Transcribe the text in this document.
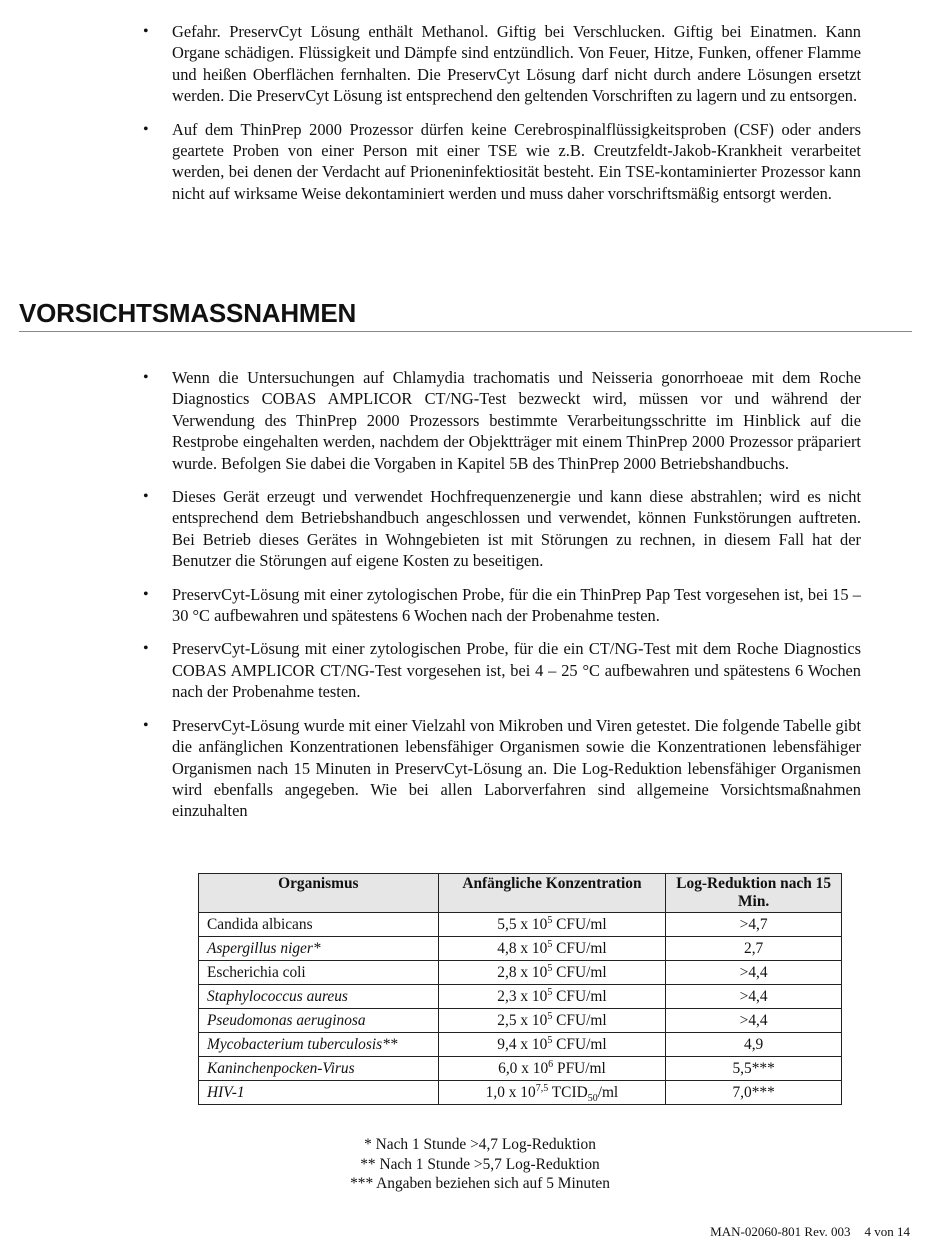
• Gefahr. PreservCyt Lösung enthält Methanol. Giftig bei Verschlucken. Giftig bei Einatmen. Kann Organe schädigen. Flüssigkeit und Dämpfe sind entzündlich. Von Feuer, Hitze, Funken, offener Flamme und heißen Oberflächen fernhalten. Die PreservCyt Lösung darf nicht durch andere Lösungen ersetzt werden. Die PreservCyt Lösung ist entsprechend den geltenden Vorschriften zu lagern und zu entsorgen.
• Auf dem ThinPrep 2000 Prozessor dürfen keine Cerebrospinalflüssigkeitsproben (CSF) oder anders geartete Proben von einer Person mit einer TSE wie z.B. Creutzfeldt-Jakob-Krankheit verarbeitet werden, bei denen der Verdacht auf Prioneninfektiosität besteht. Ein TSE-kontaminierter Prozessor kann nicht auf wirksame Weise dekontaminiert werden und muss daher vorschriftsmäßig entsorgt werden.
VORSICHTSMASSNAHMEN
• Wenn die Untersuchungen auf Chlamydia trachomatis und Neisseria gonorrhoeae mit dem Roche Diagnostics COBAS AMPLICOR CT/NG-Test bezweckt wird, müssen vor und während der Verwendung des ThinPrep 2000 Prozessors bestimmte Verarbeitungsschritte im Hinblick auf die Restprobe eingehalten werden, nachdem der Objektträger mit einem ThinPrep 2000 Prozessor präpariert wurde. Befolgen Sie dabei die Vorgaben in Kapitel 5B des ThinPrep 2000 Betriebshandbuchs.
• Dieses Gerät erzeugt und verwendet Hochfrequenzenergie und kann diese abstrahlen; wird es nicht entsprechend dem Betriebshandbuch angeschlossen und verwendet, können Funkstörungen auftreten. Bei Betrieb dieses Gerätes in Wohngebieten ist mit Störungen zu rechnen, in diesem Fall hat der Benutzer die Störungen auf eigene Kosten zu beseitigen.
• PreservCyt-Lösung mit einer zytologischen Probe, für die ein ThinPrep Pap Test vorgesehen ist, bei 15 – 30 °C aufbewahren und spätestens 6 Wochen nach der Probenahme testen.
• PreservCyt-Lösung mit einer zytologischen Probe, für die ein CT/NG-Test mit dem Roche Diagnostics COBAS AMPLICOR CT/NG-Test vorgesehen ist, bei 4 – 25 °C aufbewahren und spätestens 6 Wochen nach der Probenahme testen.
• PreservCyt-Lösung wurde mit einer Vielzahl von Mikroben und Viren getestet. Die folgende Tabelle gibt die anfänglichen Konzentrationen lebensfähiger Organismen sowie die Konzentrationen lebensfähiger Organismen nach 15 Minuten in PreservCyt-Lösung an. Die Log-Reduktion lebensfähiger Organismen wird ebenfalls angegeben. Wie bei allen Laborverfahren sind allgemeine Vorsichtsmaßnahmen einzuhalten
Organismus	Anfängliche Konzentration	Log-Reduktion nach 15 Min.
Candida albicans	5,5 x $10^5$ CFU/ml	>4,7
Aspergillus niger*	4,8 x $10^5$ CFU/ml	2,7
Escherichia coli	2,8 x $10^5$ CFU/ml	>4,4
Staphylococcus aureus	2,3 x $10^5$ CFU/ml	>4,4
Pseudomonas aeruginosa	2,5 x $10^5$ CFU/ml	>4,4
Mycobacterium tuberculosis**	9,4 x $10^5$ CFU/ml	4,9
Kaninchenpocken-Virus	6,0 x $10^6$ PFU/ml	5,5***
HIV-1	1,0 x 10$^{7,5}$ $TCID_{50}/ml$	7,0***
* Nach 1 Stunde >4,7 Log-Reduktion
** Nach 1 Stunde >5,7 Log-Reduktion
*** Angaben beziehen sich auf 5 Minuten
MAN-02060-801 Rev. 003 4 von 14
